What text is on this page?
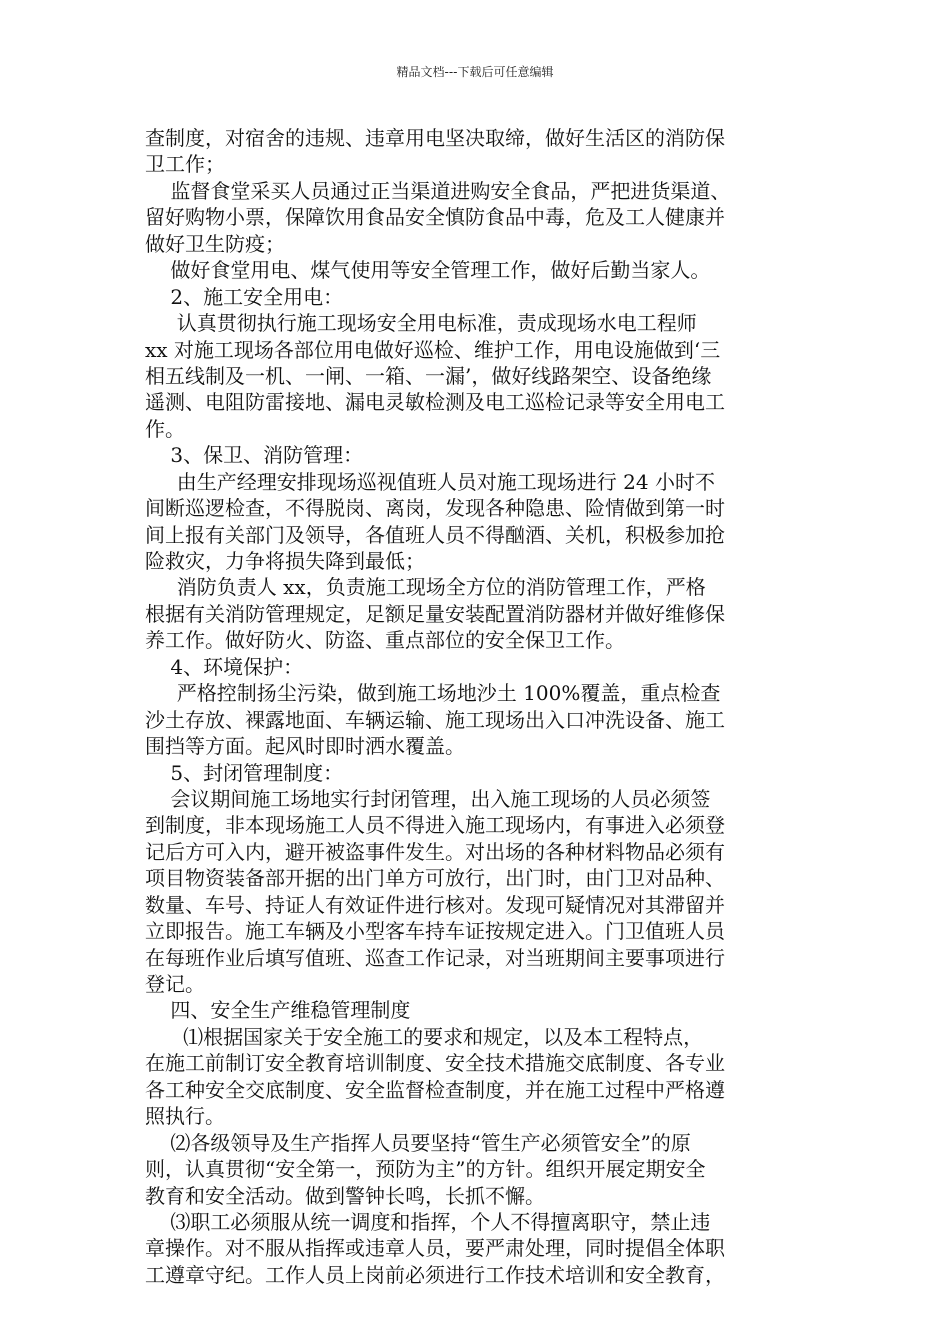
精品文档---下载后可任意编辑
查制度，对宿舍的违规、违章用电坚决取缔，做好生活区的消防保
卫工作；
监督食堂采买人员通过正当渠道进购安全食品，严把进货渠道、
留好购物小票，保障饮用食品安全慎防食品中毒，危及工人健康并
做好卫生防疫；
做好食堂用电、煤气使用等安全管理工作，做好后勤当家人。
2、施工安全用电：
认真贯彻执行施工现场安全用电标准，责成现场水电工程师
xx 对施工现场各部位用电做好巡检、维护工作，用电设施做到‘三
相五线制及一机、一闸、一箱、一漏’，做好线路架空、设备绝缘
遥测、电阻防雷接地、漏电灵敏检测及电工巡检记录等安全用电工
作。
3、保卫、消防管理：
由生产经理安排现场巡视值班人员对施工现场进行 24 小时不
间断巡逻检查，不得脱岗、离岗，发现各种隐患、险情做到第一时
间上报有关部门及领导，各值班人员不得酗酒、关机，积极参加抢
险救灾，力争将损失降到最低；
消防负责人 xx，负责施工现场全方位的消防管理工作，严格
根据有关消防管理规定，足额足量安装配置消防器材并做好维修保
养工作。做好防火、防盗、重点部位的安全保卫工作。
4、环境保护：
严格控制扬尘污染，做到施工场地沙土 100%覆盖，重点检查
沙土存放、裸露地面、车辆运输、施工现场出入口冲洗设备、施工
围挡等方面。起风时即时洒水覆盖。
5、封闭管理制度：
会议期间施工场地实行封闭管理，出入施工现场的人员必须签
到制度，非本现场施工人员不得进入施工现场内，有事进入必须登
记后方可入内，避开被盗事件发生。对出场的各种材料物品必须有
项目物资装备部开据的出门单方可放行，出门时，由门卫对品种、
数量、车号、持证人有效证件进行核对。发现可疑情况对其滞留并
立即报告。施工车辆及小型客车持车证按规定进入。门卫值班人员
在每班作业后填写值班、巡查工作记录，对当班期间主要事项进行
登记。
四、安全生产维稳管理制度
⑴根据国家关于安全施工的要求和规定，以及本工程特点，
在施工前制订安全教育培训制度、安全技术措施交底制度、各专业
各工种安全交底制度、安全监督检查制度，并在施工过程中严格遵
照执行。
⑵各级领导及生产指挥人员要坚持“管生产必须管安全”的原
则，认真贯彻“安全第一，预防为主”的方针。组织开展定期安全
教育和安全活动。做到警钟长鸣，长抓不懈。
⑶职工必须服从统一调度和指挥，个人不得擅离职守，禁止违
章操作。对不服从指挥或违章人员，要严肃处理，同时提倡全体职
工遵章守纪。工作人员上岗前必须进行工作技术培训和安全教育，
